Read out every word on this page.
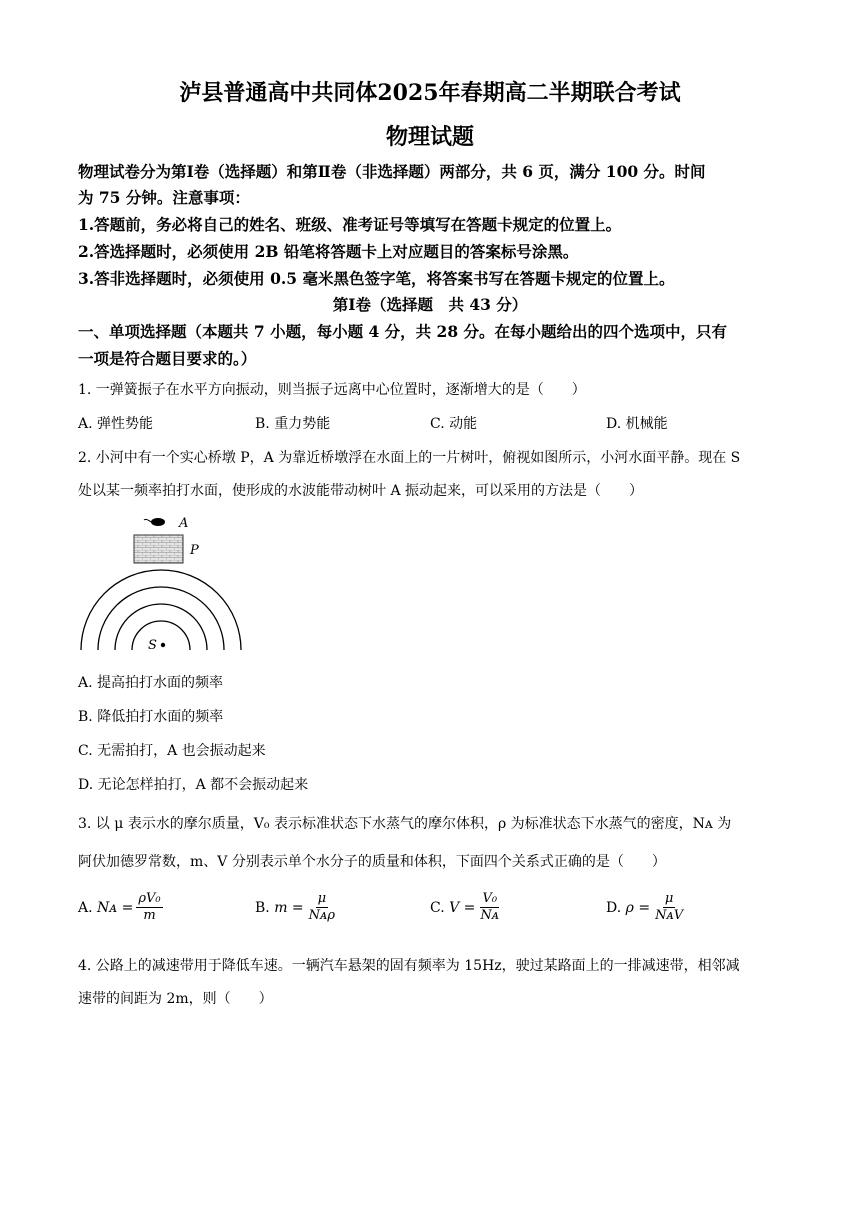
泸县普通高中共同体2025年春期高二半期联合考试
物理试题
物理试卷分为第Ⅰ卷（选择题）和第Ⅱ卷（非选择题）两部分，共 6 页，满分 100 分。时间
为 75 分钟。注意事项：
1.答题前，务必将自己的姓名、班级、准考证号等填写在答题卡规定的位置上。
2.答选择题时，必须使用 2B 铅笔将答题卡上对应题目的答案标号涂黑。
3.答非选择题时，必须使用 0.5 毫米黑色签字笔，将答案书写在答题卡规定的位置上。
第Ⅰ卷（选择题　共 43 分）
一、单项选择题（本题共 7 小题，每小题 4 分，共 28 分。在每小题给出的四个选项中，只有
一项是符合题目要求的。）
1. 一弹簧振子在水平方向振动，则当振子远离中心位置时，逐渐增大的是（　　）
A. 弹性势能	B. 重力势能	C. 动能	D. 机械能
2. 小河中有一个实心桥墩 P，A 为靠近桥墩浮在水面上的一片树叶，俯视如图所示，小河水面平静。现在 S
处以某一频率拍打水面，使形成的水波能带动树叶 A 振动起来，可以采用的方法是（　　）
A
P
S
A. 提高拍打水面的频率
B. 降低拍打水面的频率
C. 无需拍打，A 也会振动起来
D. 无论怎样拍打，A 都不会振动起来
3. 以 μ 表示水的摩尔质量，V₀ 表示标准状态下水蒸气的摩尔体积，ρ 为标准状态下水蒸气的密度，Nᴀ 为
阿伏加德罗常数，m、V 分别表示单个水分子的质量和体积，下面四个关系式正确的是（　　）
A.
Nᴀ = $\frac{\text{ρV₀}}{m}$	B.
$m = \frac{\mu}{\text{Nᴀρ}}$	C.
$V = \frac{\text{V₀}}{\text{Nᴀ}}$	D.
$\rho = \frac{\mu}{\text{NᴀV}}$
4. 公路上的减速带用于降低车速。一辆汽车悬架的固有频率为 15Hz，驶过某路面上的一排减速带，相邻减
速带的间距为 2m，则（　　）
